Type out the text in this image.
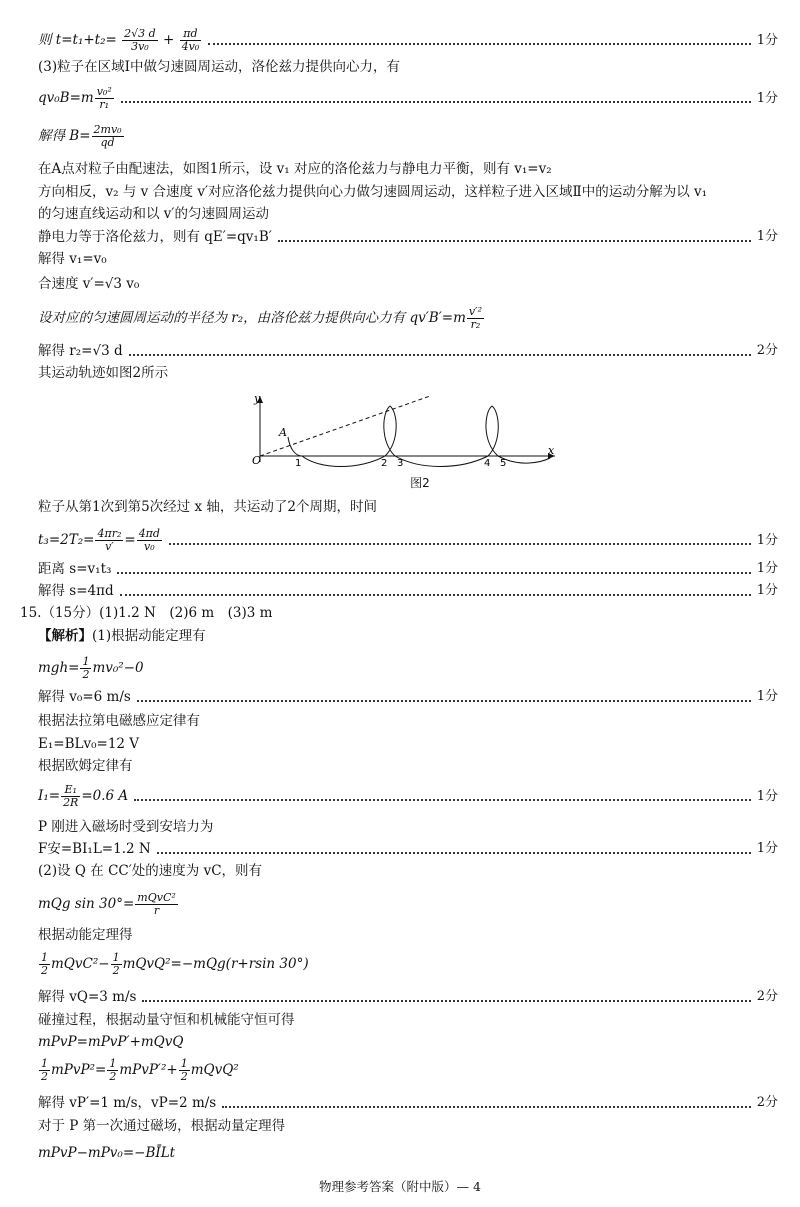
则 $t=t_1+t_2= \frac{2√3 d}{\text{3v₀}} + \frac{\pi d}{\text{4v₀}}$	1分
(3)粒子在区域Ⅰ中做匀速圆周运动，洛伦兹力提供向心力，有
$qv_0B=m \frac{\text{v₀²}}{\text{r₁}}$	1分
解得 $B= \frac{\text{2mv₀}}{qd}$
在A点对粒子由配速法，如图1所示，设 v₁ 对应的洛伦兹力与静电力平衡，则有 v₁=v₂
方向相反，v₂ 与 v 合速度 v′对应洛伦兹力提供向心力做匀速圆周运动，这样粒子进入区域Ⅱ中的运动分解为以 v₁
的匀速直线运动和以 v′的匀速圆周运动
静电力等于洛伦兹力，则有 qE′=qv₁B′	1分
解得 v₁=v₀
合速度 v′=√3 v₀
设对应的匀速圆周运动的半径为 r₂，由洛伦兹力提供向心力有 $qv'B'=m \frac{\text{v′²}}{\text{r₂}}$
解得 r₂=√3 d	2分
其运动轨迹如图2所示
A
O
y
x
1	2 3	4 5
图2
粒子从第1次到第5次经过 x 轴，共运动了2个周期，时间
$t_3=2T_2= \frac{\text{4πr₂}}{v'} = \frac{4\pi d}{\text{v₀}}$	1分
距离 s=v₁t₃	1分
解得 s=4πd	1分
15.（15分）(1)1.2 N　(2)6 m　(3)3 m
【解析】(1)根据动能定理有
$mgh= \frac{1}{2} mv_0^2-0$
解得 v₀=6 m/s	1分
根据法拉第电磁感应定律有
E₁=BLv₀=12 V
根据欧姆定律有
$I_1= \frac{\text{E₁}}{2R} =0.6$ A	1分
P 刚进入磁场时受到安培力为
F安=BI₁L=1.2 N	1分
(2)设 Q 在 CC′处的速度为 vC，则有
mQg $\sin 30^\circ= \frac{\text{mQvC²}}{r}$
根据动能定理得
$\frac{1}{2}$ mQvC²− $\frac{1}{2}$ mQvQ²=−mQg(r+rsin 30°)
解得 vQ=3 m/s	2分
碰撞过程，根据动量守恒和机械能守恒可得
mPvP=mPvP′+mQvQ
$\frac{1}{2}$ mPvP²= $\frac{1}{2}$ mPvP′²+ $\frac{1}{2}$ mQvQ²
解得 vP′=1 m/s，vP=2 m/s	2分
对于 P 第一次通过磁场，根据动量定理得
mPvP−mPv₀=−BĪLt
物理参考答案（附中版）— 4
